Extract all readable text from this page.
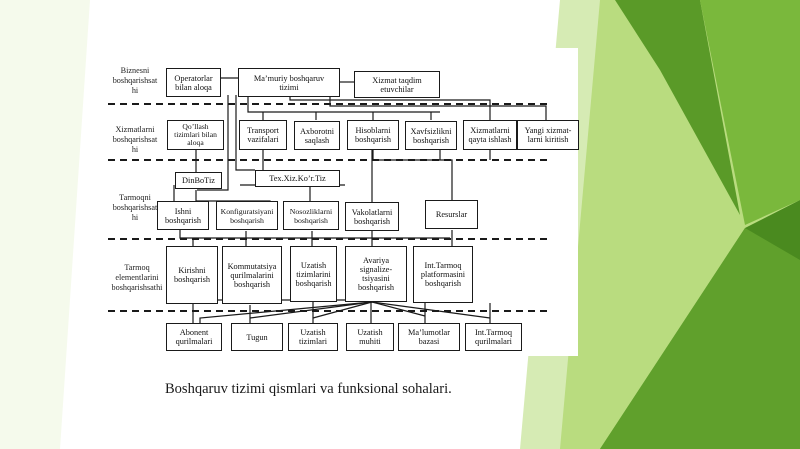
Biznesni
boshqarishsat
hi
Xizmatlarni
boshqarishsat
hi
Tarmoqni
boshqarishsat
hi
Tarmoq
elementlarini
boshqarishsathi
Operatorlar
bilan aloqa
Ma’muriy boshqaruv
tizimi
Xizmat taqdim
etuvchilar
Qo’llash
tizimlari bilan
aloqa
Transport
vazifalari
Axborotni
saqlash
Hisoblarni
boshqarish
Xavfsizlikni
boshqarish
Xizmatlarni
qayta ishlash
Yangi xizmat-
larni kiritish
DinBoTiz	Tex.Xiz.Ko’r.Tiz
Ishni
boshqarish
Konfiguratsiyani
boshqarish
Nosozliklarni
boshqarish
Vakolatlarni
boshqarish
Resurslar
Kirishni
boshqarish
Kommutatsiya
qurilmalarini
boshqarish
Uzatish
tizimlarini
boshqarish
Avariya
signalize-
tsiyasini
boshqarish
Int.Tarmoq
platformasini
boshqarish
Abonent
qurilmalari	Tugun	Uzatish
tizimlari
Uzatish
muhiti
Ma’lumotlar
bazasi
Int.Tarmoq
qurilmalari
Boshqaruv tizimi qismlari va funksional sohalari.
